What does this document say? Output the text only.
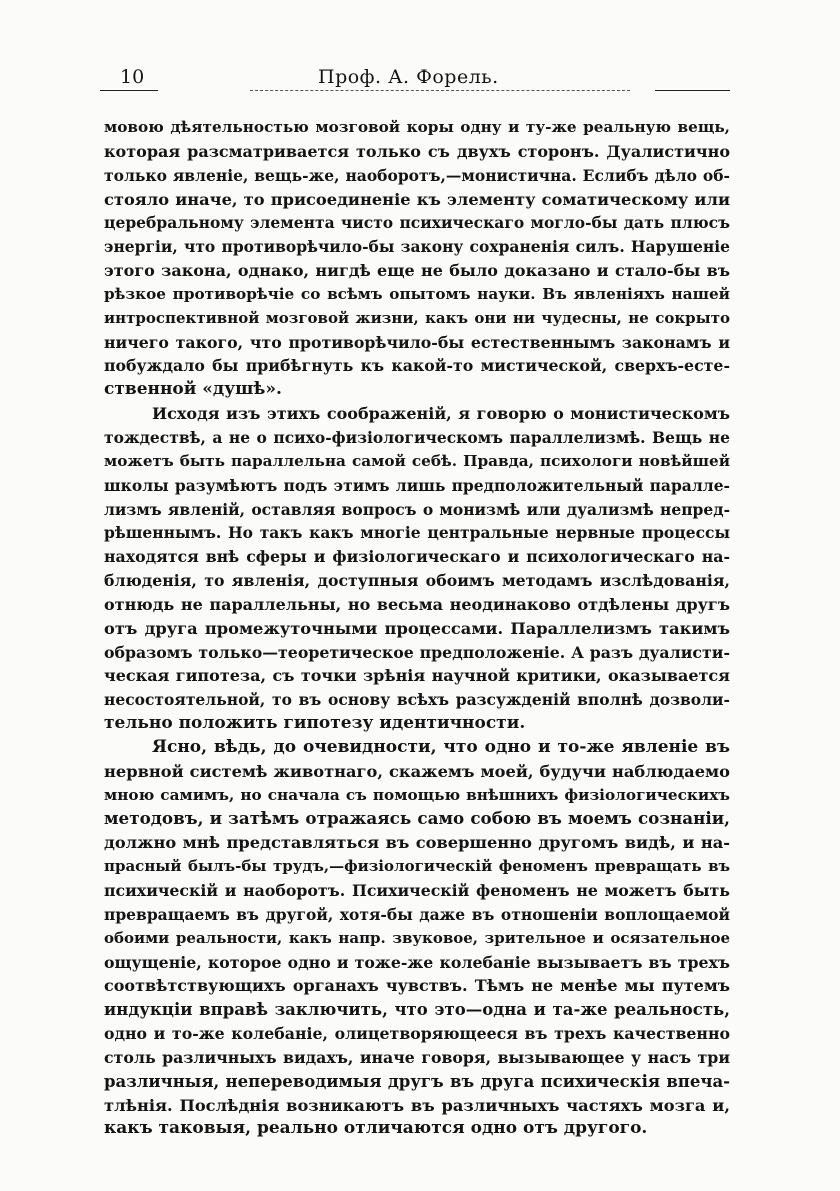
10	Проф. А. Форель.
мовою дѣятельностью мозговой коры одну и ту-же реальную вещь,
которая разсматривается только съ двухъ сторонъ. Дуалистично
только явленіе, вещь-же, наоборотъ,—монистична. Еслибъ дѣло об-
стояло иначе, то присоединеніе къ элементу соматическому или
церебральному элемента чисто психическаго могло-бы дать плюсъ
энергіи, что противорѣчило-бы закону сохраненія силъ. Нарушеніе
этого закона, однако, нигдѣ еще не было доказано и стало-бы въ
рѣзкое противорѣчіе со всѣмъ опытомъ науки. Въ явленіяхъ нашей
интроспективной мозговой жизни, какъ они ни чудесны, не сокрыто
ничего такого, что противорѣчило-бы естественнымъ законамъ и
побуждало бы прибѣгнуть къ какой-то мистической, сверхъ-есте-
ственной «душѣ».
Исходя изъ этихъ соображеній, я говорю о монистическомъ
тождествѣ, а не о психо-физіологическомъ параллелизмѣ. Вещь не
можетъ быть параллельна самой себѣ. Правда, психологи новѣйшей
школы разумѣютъ подъ этимъ лишь предположительный паралле-
лизмъ явленій, оставляя вопросъ о монизмѣ или дуализмѣ непред-
рѣшеннымъ. Но такъ какъ многіе центральные нервные процессы
находятся внѣ сферы и физіологическаго и психологическаго на-
блюденія, то явленія, доступныя обоимъ методамъ изслѣдованія,
отнюдь не параллельны, но весьма неодинаково отдѣлены другъ
отъ друга промежуточными процессами. Параллелизмъ такимъ
образомъ только—теоретическое предположеніе. А разъ дуалисти-
ческая гипотеза, съ точки зрѣнія научной критики, оказывается
несостоятельной, то въ основу всѣхъ разсужденій вполнѣ дозволи-
тельно положить гипотезу идентичности.
Ясно, вѣдь, до очевидности, что одно и то-же явленіе въ
нервной системѣ животнаго, скажемъ моей, будучи наблюдаемо
мною самимъ, но сначала съ помощью внѣшнихъ физіологическихъ
методовъ, и затѣмъ отражаясь само собою въ моемъ сознаніи,
должно мнѣ представляться въ совершенно другомъ видѣ, и на-
прасный былъ-бы трудъ,—физіологическій феноменъ превращать въ
психическій и наоборотъ. Психическій феноменъ не можетъ быть
превращаемъ въ другой, хотя-бы даже въ отношеніи воплощаемой
обоими реальности, какъ напр. звуковое, зрительное и осязательное
ощущеніе, которое одно и тоже-же колебаніе вызываетъ въ трехъ
соотвѣтствующихъ органахъ чувствъ. Тѣмъ не менѣе мы путемъ
индукціи вправѣ заключить, что это—одна и та-же реальность,
одно и то-же колебаніе, олицетворяющееся въ трехъ качественно
столь различныхъ видахъ, иначе говоря, вызывающее у насъ три
различныя, непереводимыя другъ въ друга психическія впеча-
тлѣнія. Послѣднія возникаютъ въ различныхъ частяхъ мозга и,
какъ таковыя, реально отличаются одно отъ другого.
